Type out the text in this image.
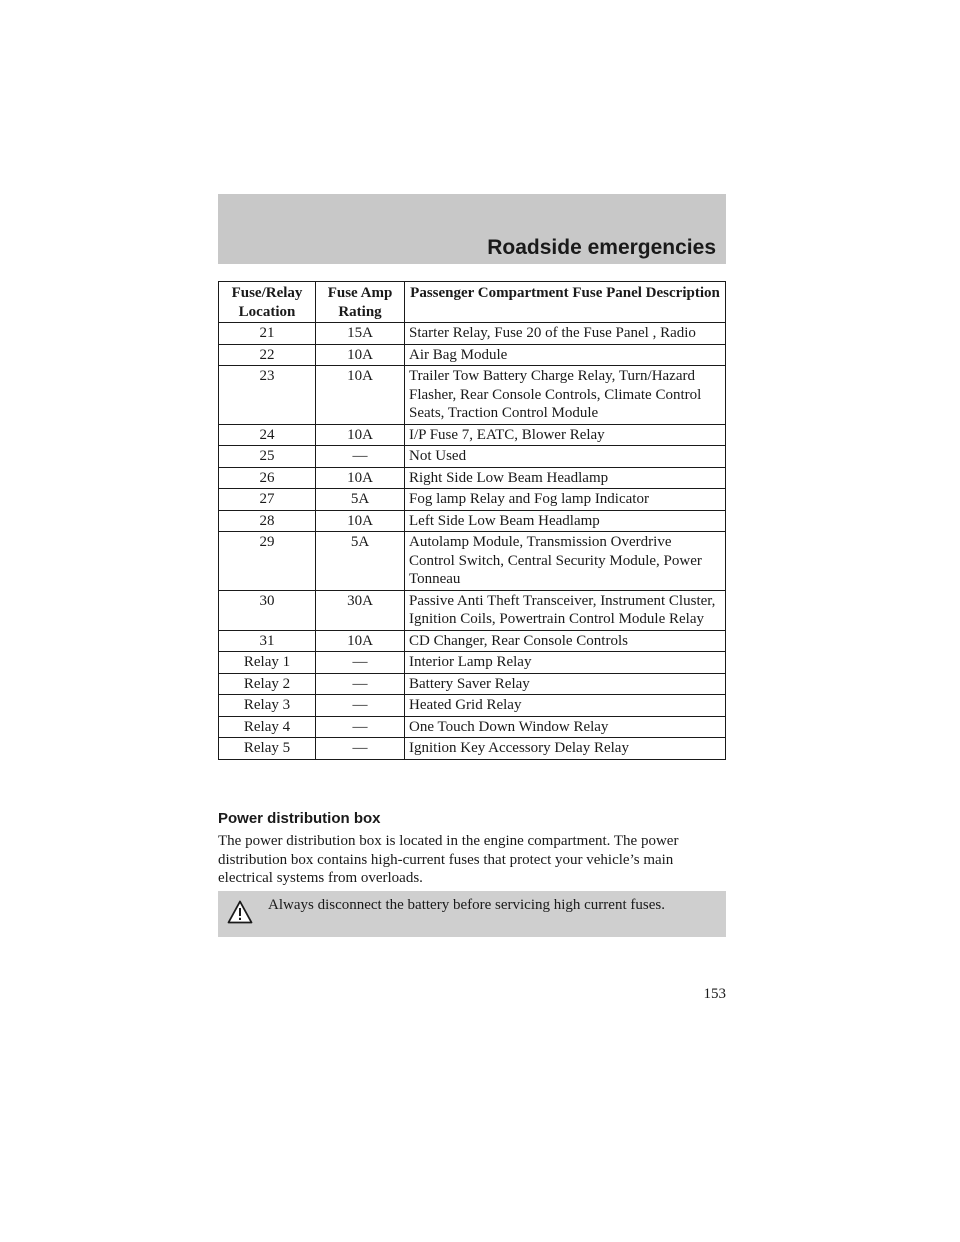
Roadside emergencies
Fuse/Relay Location	Fuse Amp Rating	Passenger Compartment Fuse Panel Description
21	15A	Starter Relay, Fuse 20 of the Fuse Panel , Radio
22	10A	Air Bag Module
23	10A	Trailer Tow Battery Charge Relay, Turn/Hazard Flasher, Rear Console Controls, Climate Control Seats, Traction Control Module
24	10A	I/P Fuse 7, EATC, Blower Relay
25	—	Not Used
26	10A	Right Side Low Beam Headlamp
27	5A	Fog lamp Relay and Fog lamp Indicator
28	10A	Left Side Low Beam Headlamp
29	5A	Autolamp Module, Transmission Overdrive Control Switch, Central Security Module, Power Tonneau
30	30A	Passive Anti Theft Transceiver, Instrument Cluster, Ignition Coils, Powertrain Control Module Relay
31	10A	CD Changer, Rear Console Controls
Relay 1	—	Interior Lamp Relay
Relay 2	—	Battery Saver Relay
Relay 3	—	Heated Grid Relay
Relay 4	—	One Touch Down Window Relay
Relay 5	—	Ignition Key Accessory Delay Relay
Power distribution box

The power distribution box is located in the engine compartment. The power distribution box contains high-current fuses that protect your vehicle’s main electrical systems from overloads.

Always disconnect the battery before servicing high current fuses.

153
